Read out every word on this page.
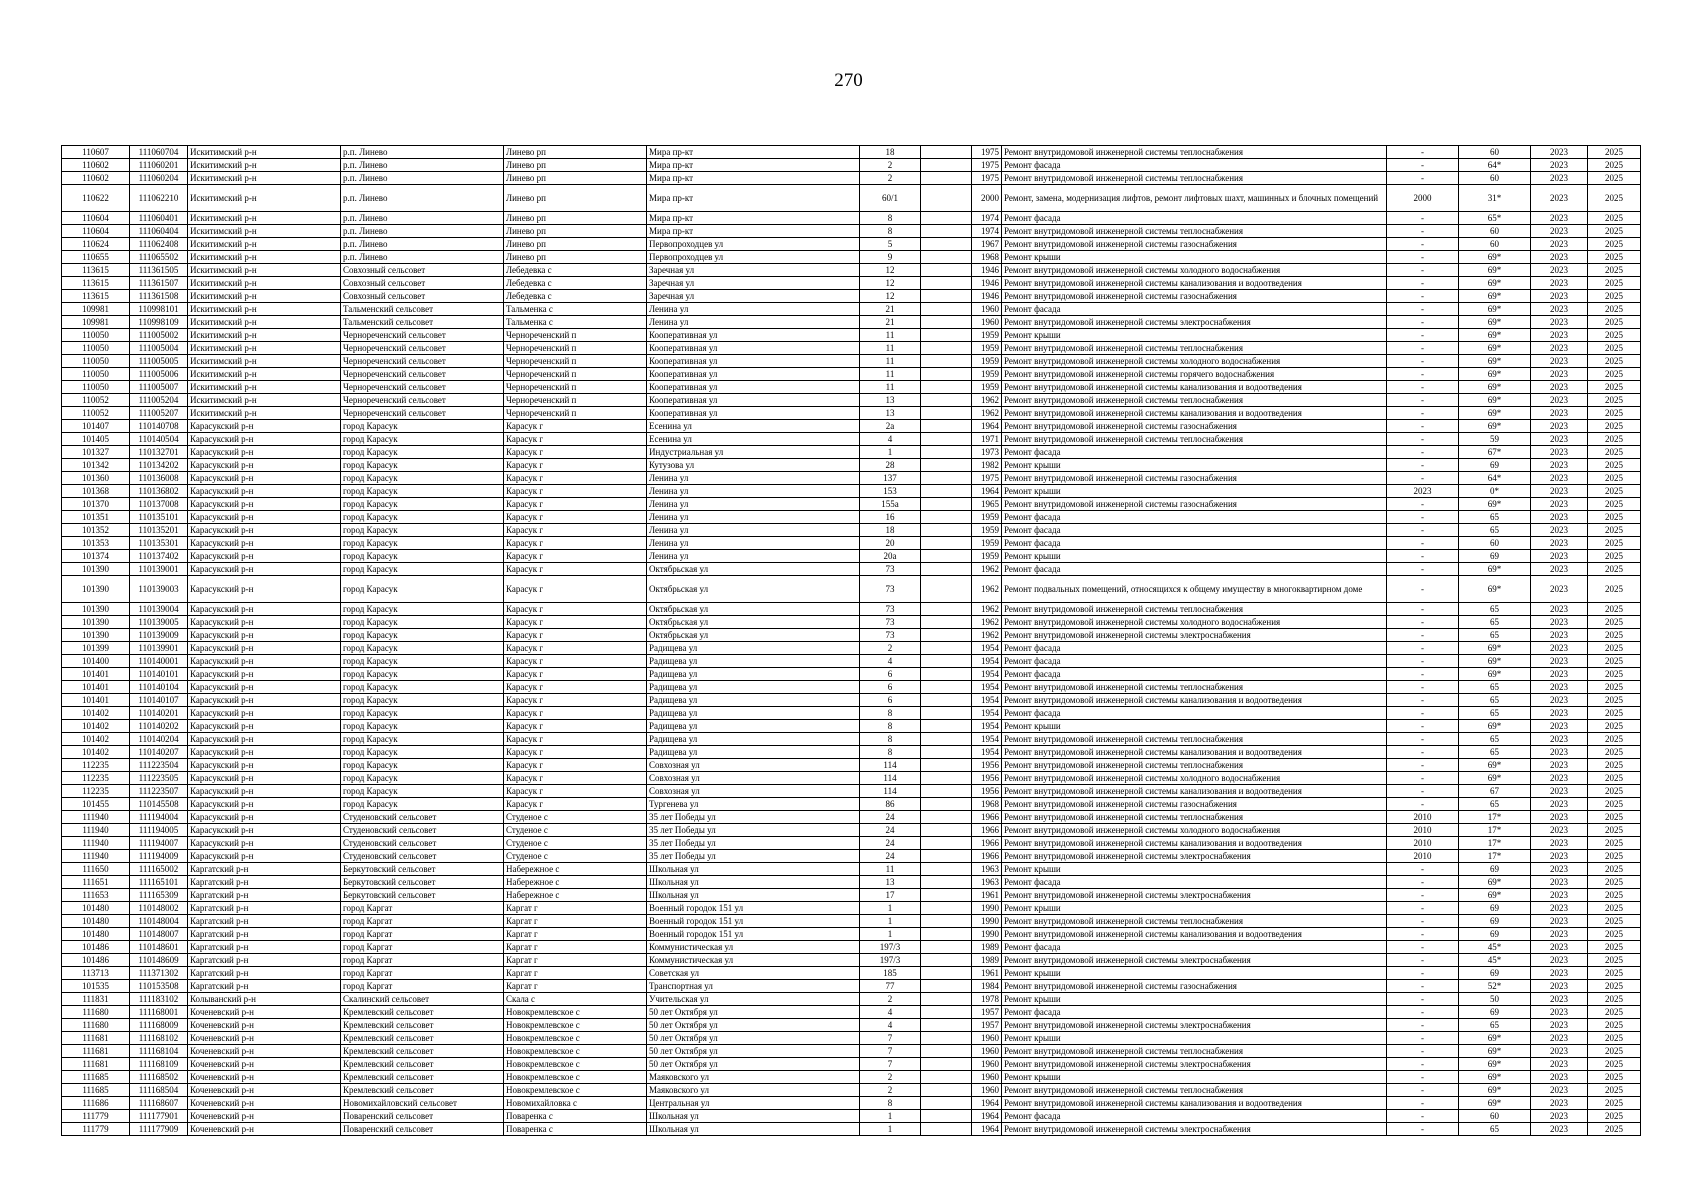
270
110607	111060704	Искитимский р-н	р.п. Линево	Линево рп	Мира пр-кт	18		1975	Ремонт внутридомовой инженерной системы теплоснабжения	-	60	2023	2025
110602	111060201	Искитимский р-н	р.п. Линево	Линево рп	Мира пр-кт	2		1975	Ремонт фасада	-	64*	2023	2025
110602	111060204	Искитимский р-н	р.п. Линево	Линево рп	Мира пр-кт	2		1975	Ремонт внутридомовой инженерной системы теплоснабжения	-	60	2023	2025
110622	111062210	Искитимский р-н	р.п. Линево	Линево рп	Мира пр-кт	60/1		2000	Ремонт, замена, модернизация лифтов, ремонт лифтовых шахт, машинных и блочных помещений	2000	31*	2023	2025
110604	111060401	Искитимский р-н	р.п. Линево	Линево рп	Мира пр-кт	8		1974	Ремонт фасада	-	65*	2023	2025
110604	111060404	Искитимский р-н	р.п. Линево	Линево рп	Мира пр-кт	8		1974	Ремонт внутридомовой инженерной системы теплоснабжения	-	60	2023	2025
110624	111062408	Искитимский р-н	р.п. Линево	Линево рп	Первопроходцев ул	5		1967	Ремонт внутридомовой инженерной системы газоснабжения	-	60	2023	2025
110655	111065502	Искитимский р-н	р.п. Линево	Линево рп	Первопроходцев ул	9		1968	Ремонт крыши	-	69*	2023	2025
113615	111361505	Искитимский р-н	Совхозный сельсовет	Лебедевка с	Заречная ул	12		1946	Ремонт внутридомовой инженерной системы холодного водоснабжения	-	69*	2023	2025
113615	111361507	Искитимский р-н	Совхозный сельсовет	Лебедевка с	Заречная ул	12		1946	Ремонт внутридомовой инженерной системы канализования и водоотведения	-	69*	2023	2025
113615	111361508	Искитимский р-н	Совхозный сельсовет	Лебедевка с	Заречная ул	12		1946	Ремонт внутридомовой инженерной системы газоснабжения	-	69*	2023	2025
109981	110998101	Искитимский р-н	Тальменский сельсовет	Тальменка с	Ленина ул	21		1960	Ремонт фасада	-	69*	2023	2025
109981	110998109	Искитимский р-н	Тальменский сельсовет	Тальменка с	Ленина ул	21		1960	Ремонт внутридомовой инженерной системы электроснабжения	-	69*	2023	2025
110050	111005002	Искитимский р-н	Чернореченский сельсовет	Чернореченский п	Кооперативная ул	11		1959	Ремонт крыши	-	69*	2023	2025
110050	111005004	Искитимский р-н	Чернореченский сельсовет	Чернореченский п	Кооперативная ул	11		1959	Ремонт внутридомовой инженерной системы теплоснабжения	-	69*	2023	2025
110050	111005005	Искитимский р-н	Чернореченский сельсовет	Чернореченский п	Кооперативная ул	11		1959	Ремонт внутридомовой инженерной системы холодного водоснабжения	-	69*	2023	2025
110050	111005006	Искитимский р-н	Чернореченский сельсовет	Чернореченский п	Кооперативная ул	11		1959	Ремонт внутридомовой инженерной системы горячего водоснабжения	-	69*	2023	2025
110050	111005007	Искитимский р-н	Чернореченский сельсовет	Чернореченский п	Кооперативная ул	11		1959	Ремонт внутридомовой инженерной системы канализования и водоотведения	-	69*	2023	2025
110052	111005204	Искитимский р-н	Чернореченский сельсовет	Чернореченский п	Кооперативная ул	13		1962	Ремонт внутридомовой инженерной системы теплоснабжения	-	69*	2023	2025
110052	111005207	Искитимский р-н	Чернореченский сельсовет	Чернореченский п	Кооперативная ул	13		1962	Ремонт внутридомовой инженерной системы канализования и водоотведения	-	69*	2023	2025
101407	110140708	Карасукский р-н	город Карасук	Карасук г	Есенина ул	2а		1964	Ремонт внутридомовой инженерной системы газоснабжения	-	69*	2023	2025
101405	110140504	Карасукский р-н	город Карасук	Карасук г	Есенина ул	4		1971	Ремонт внутридомовой инженерной системы теплоснабжения	-	59	2023	2025
101327	110132701	Карасукский р-н	город Карасук	Карасук г	Индустриальная ул	1		1973	Ремонт фасада	-	67*	2023	2025
101342	110134202	Карасукский р-н	город Карасук	Карасук г	Кутузова ул	28		1982	Ремонт крыши	-	69	2023	2025
101360	110136008	Карасукский р-н	город Карасук	Карасук г	Ленина ул	137		1975	Ремонт внутридомовой инженерной системы газоснабжения	-	64*	2023	2025
101368	110136802	Карасукский р-н	город Карасук	Карасук г	Ленина ул	153		1964	Ремонт крыши	2023	0*	2023	2025
101370	110137008	Карасукский р-н	город Карасук	Карасук г	Ленина ул	155а		1965	Ремонт внутридомовой инженерной системы газоснабжения	-	69*	2023	2025
101351	110135101	Карасукский р-н	город Карасук	Карасук г	Ленина ул	16		1959	Ремонт фасада	-	65	2023	2025
101352	110135201	Карасукский р-н	город Карасук	Карасук г	Ленина ул	18		1959	Ремонт фасада	-	65	2023	2025
101353	110135301	Карасукский р-н	город Карасук	Карасук г	Ленина ул	20		1959	Ремонт фасада	-	60	2023	2025
101374	110137402	Карасукский р-н	город Карасук	Карасук г	Ленина ул	20а		1959	Ремонт крыши	-	69	2023	2025
101390	110139001	Карасукский р-н	город Карасук	Карасук г	Октябрьская ул	73		1962	Ремонт фасада	-	69*	2023	2025
101390	110139003	Карасукский р-н	город Карасук	Карасук г	Октябрьская ул	73		1962	Ремонт подвальных помещений, относящихся к общему имуществу в многоквартирном доме	-	69*	2023	2025
101390	110139004	Карасукский р-н	город Карасук	Карасук г	Октябрьская ул	73		1962	Ремонт внутридомовой инженерной системы теплоснабжения	-	65	2023	2025
101390	110139005	Карасукский р-н	город Карасук	Карасук г	Октябрьская ул	73		1962	Ремонт внутридомовой инженерной системы холодного водоснабжения	-	65	2023	2025
101390	110139009	Карасукский р-н	город Карасук	Карасук г	Октябрьская ул	73		1962	Ремонт внутридомовой инженерной системы электроснабжения	-	65	2023	2025
101399	110139901	Карасукский р-н	город Карасук	Карасук г	Радищева ул	2		1954	Ремонт фасада	-	69*	2023	2025
101400	110140001	Карасукский р-н	город Карасук	Карасук г	Радищева ул	4		1954	Ремонт фасада	-	69*	2023	2025
101401	110140101	Карасукский р-н	город Карасук	Карасук г	Радищева ул	6		1954	Ремонт фасада	-	69*	2023	2025
101401	110140104	Карасукский р-н	город Карасук	Карасук г	Радищева ул	6		1954	Ремонт внутридомовой инженерной системы теплоснабжения	-	65	2023	2025
101401	110140107	Карасукский р-н	город Карасук	Карасук г	Радищева ул	6		1954	Ремонт внутридомовой инженерной системы канализования и водоотведения	-	65	2023	2025
101402	110140201	Карасукский р-н	город Карасук	Карасук г	Радищева ул	8		1954	Ремонт фасада	-	65	2023	2025
101402	110140202	Карасукский р-н	город Карасук	Карасук г	Радищева ул	8		1954	Ремонт крыши	-	69*	2023	2025
101402	110140204	Карасукский р-н	город Карасук	Карасук г	Радищева ул	8		1954	Ремонт внутридомовой инженерной системы теплоснабжения	-	65	2023	2025
101402	110140207	Карасукский р-н	город Карасук	Карасук г	Радищева ул	8		1954	Ремонт внутридомовой инженерной системы канализования и водоотведения	-	65	2023	2025
112235	111223504	Карасукский р-н	город Карасук	Карасук г	Совхозная ул	114		1956	Ремонт внутридомовой инженерной системы теплоснабжения	-	69*	2023	2025
112235	111223505	Карасукский р-н	город Карасук	Карасук г	Совхозная ул	114		1956	Ремонт внутридомовой инженерной системы холодного водоснабжения	-	69*	2023	2025
112235	111223507	Карасукский р-н	город Карасук	Карасук г	Совхозная ул	114		1956	Ремонт внутридомовой инженерной системы канализования и водоотведения	-	67	2023	2025
101455	110145508	Карасукский р-н	город Карасук	Карасук г	Тургенева ул	86		1968	Ремонт внутридомовой инженерной системы газоснабжения	-	65	2023	2025
111940	111194004	Карасукский р-н	Студеновский сельсовет	Студеное с	35 лет Победы ул	24		1966	Ремонт внутридомовой инженерной системы теплоснабжения	2010	17*	2023	2025
111940	111194005	Карасукский р-н	Студеновский сельсовет	Студеное с	35 лет Победы ул	24		1966	Ремонт внутридомовой инженерной системы холодного водоснабжения	2010	17*	2023	2025
111940	111194007	Карасукский р-н	Студеновский сельсовет	Студеное с	35 лет Победы ул	24		1966	Ремонт внутридомовой инженерной системы канализования и водоотведения	2010	17*	2023	2025
111940	111194009	Карасукский р-н	Студеновский сельсовет	Студеное с	35 лет Победы ул	24		1966	Ремонт внутридомовой инженерной системы электроснабжения	2010	17*	2023	2025
111650	111165002	Каргатский р-н	Беркутовский сельсовет	Набережное с	Школьная ул	11		1963	Ремонт крыши	-	69	2023	2025
111651	111165101	Каргатский р-н	Беркутовский сельсовет	Набережное с	Школьная ул	13		1963	Ремонт фасада	-	69*	2023	2025
111653	111165309	Каргатский р-н	Беркутовский сельсовет	Набережное с	Школьная ул	17		1961	Ремонт внутридомовой инженерной системы электроснабжения	-	69*	2023	2025
101480	110148002	Каргатский р-н	город Каргат	Каргат г	Военный городок 151 ул	1		1990	Ремонт крыши	-	69	2023	2025
101480	110148004	Каргатский р-н	город Каргат	Каргат г	Военный городок 151 ул	1		1990	Ремонт внутридомовой инженерной системы теплоснабжения	-	69	2023	2025
101480	110148007	Каргатский р-н	город Каргат	Каргат г	Военный городок 151 ул	1		1990	Ремонт внутридомовой инженерной системы канализования и водоотведения	-	69	2023	2025
101486	110148601	Каргатский р-н	город Каргат	Каргат г	Коммунистическая ул	197/3		1989	Ремонт фасада	-	45*	2023	2025
101486	110148609	Каргатский р-н	город Каргат	Каргат г	Коммунистическая ул	197/3		1989	Ремонт внутридомовой инженерной системы электроснабжения	-	45*	2023	2025
113713	111371302	Каргатский р-н	город Каргат	Каргат г	Советская ул	185		1961	Ремонт крыши	-	69	2023	2025
101535	110153508	Каргатский р-н	город Каргат	Каргат г	Транспортная ул	77		1984	Ремонт внутридомовой инженерной системы газоснабжения	-	52*	2023	2025
111831	111183102	Колыванский р-н	Скалинский сельсовет	Скала с	Учительская ул	2		1978	Ремонт крыши	-	50	2023	2025
111680	111168001	Коченевский р-н	Кремлевский сельсовет	Новокремлевское с	50 лет Октября ул	4		1957	Ремонт фасада	-	69	2023	2025
111680	111168009	Коченевский р-н	Кремлевский сельсовет	Новокремлевское с	50 лет Октября ул	4		1957	Ремонт внутридомовой инженерной системы электроснабжения	-	65	2023	2025
111681	111168102	Коченевский р-н	Кремлевский сельсовет	Новокремлевское с	50 лет Октября ул	7		1960	Ремонт крыши	-	69*	2023	2025
111681	111168104	Коченевский р-н	Кремлевский сельсовет	Новокремлевское с	50 лет Октября ул	7		1960	Ремонт внутридомовой инженерной системы теплоснабжения	-	69*	2023	2025
111681	111168109	Коченевский р-н	Кремлевский сельсовет	Новокремлевское с	50 лет Октября ул	7		1960	Ремонт внутридомовой инженерной системы электроснабжения	-	69*	2023	2025
111685	111168502	Коченевский р-н	Кремлевский сельсовет	Новокремлевское с	Маяковского ул	2		1960	Ремонт крыши	-	69*	2023	2025
111685	111168504	Коченевский р-н	Кремлевский сельсовет	Новокремлевское с	Маяковского ул	2		1960	Ремонт внутридомовой инженерной системы теплоснабжения	-	69*	2023	2025
111686	111168607	Коченевский р-н	Новомихайловский сельсовет	Новомихайловка с	Центральная ул	8		1964	Ремонт внутридомовой инженерной системы канализования и водоотведения	-	69*	2023	2025
111779	111177901	Коченевский р-н	Поваренский сельсовет	Поваренка с	Школьная ул	1		1964	Ремонт фасада	-	60	2023	2025
111779	111177909	Коченевский р-н	Поваренский сельсовет	Поваренка с	Школьная ул	1		1964	Ремонт внутридомовой инженерной системы электроснабжения	-	65	2023	2025
